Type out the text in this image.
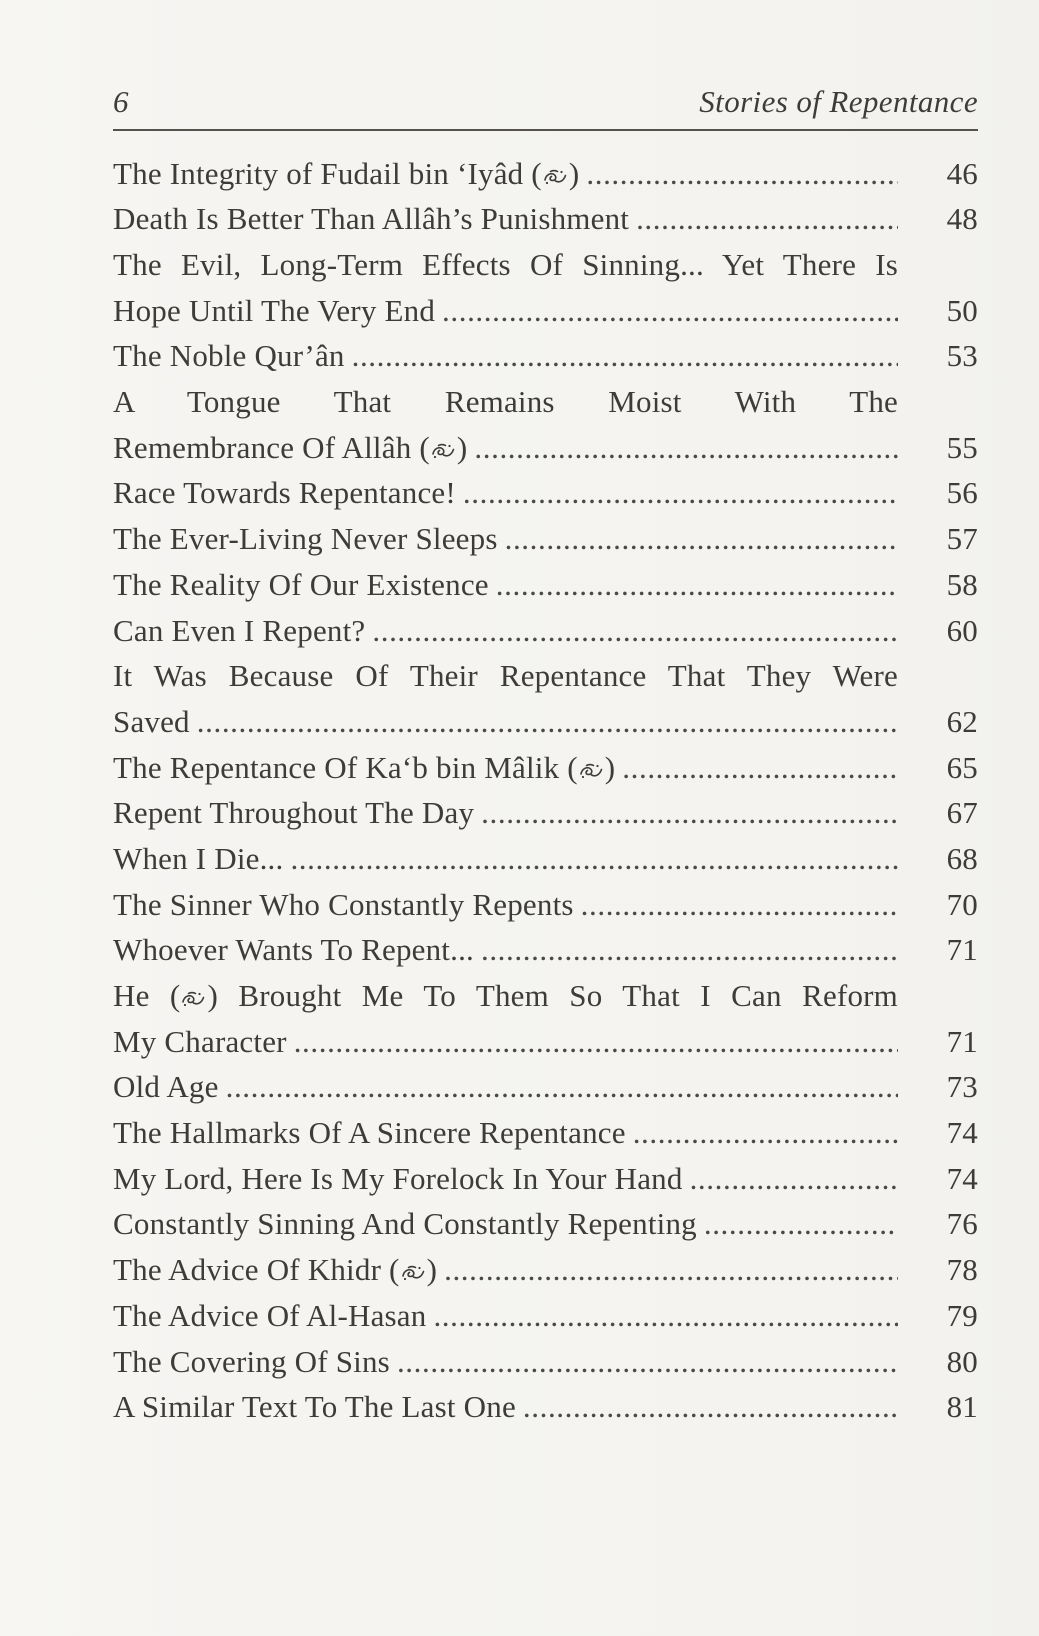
6	Stories of Repentance
The Integrity of Fudail bin ‘Iyâd ( ) .....	46
Death Is Better Than Allâh’s Punishment .....	48
The Evil, Long-Term Effects Of Sinning... Yet There Is
Hope Until The Very End .....	50
The Noble Qur’ân .....	53
A Tongue That Remains Moist With The
Remembrance Of Allâh ( ) .....	55
Race Towards Repentance! .....	56
The Ever-Living Never Sleeps .....	57
The Reality Of Our Existence .....	58
Can Even I Repent? .....	60
It Was Because Of Their Repentance That They Were
Saved .....	62
The Repentance Of Ka‘b bin Mâlik ( ) .....	65
Repent Throughout The Day .....	67
When I Die... .....	68
The Sinner Who Constantly Repents .....	70
Whoever Wants To Repent... .....	71
He ( ) Brought Me To Them So That I Can Reform
My Character .....	71
Old Age .....	73
The Hallmarks Of A Sincere Repentance .....	74
My Lord, Here Is My Forelock In Your Hand .....	74
Constantly Sinning And Constantly Repenting .....	76
The Advice Of Khidr ( ) .....	78
The Advice Of Al-Hasan .....	79
The Covering Of Sins .....	80
A Similar Text To The Last One .....	81
